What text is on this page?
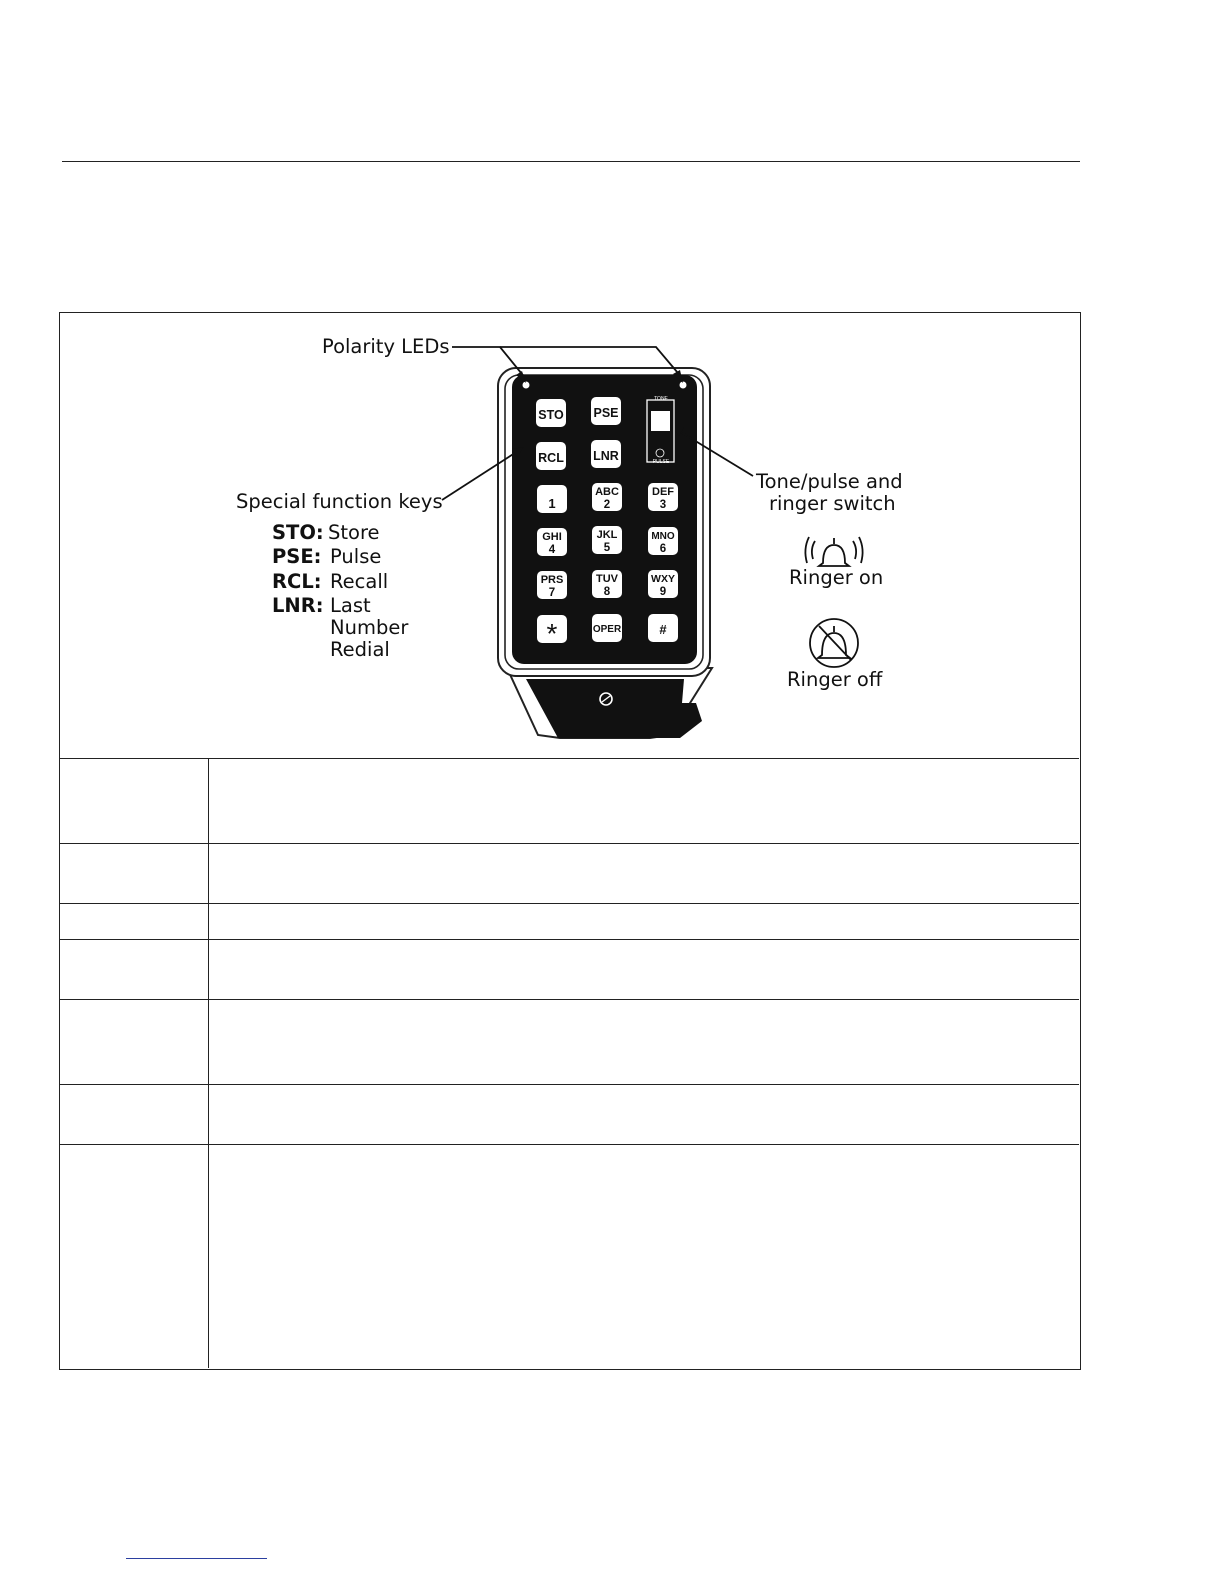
TONE
PULSE
STO PSE
RCL LNR
1
ABC
2
DEF
3
GHI
4
JKL
5
MNO
6
PRS
7
TUV
8
WXY
9
*	OPER	#
Polarity LEDs
Special function keys
STO: Store
PSE: Pulse
RCL: Recall
LNR: Last
Number
Redial
Tone/pulse and
ringer switch
Ringer on
Ringer off
